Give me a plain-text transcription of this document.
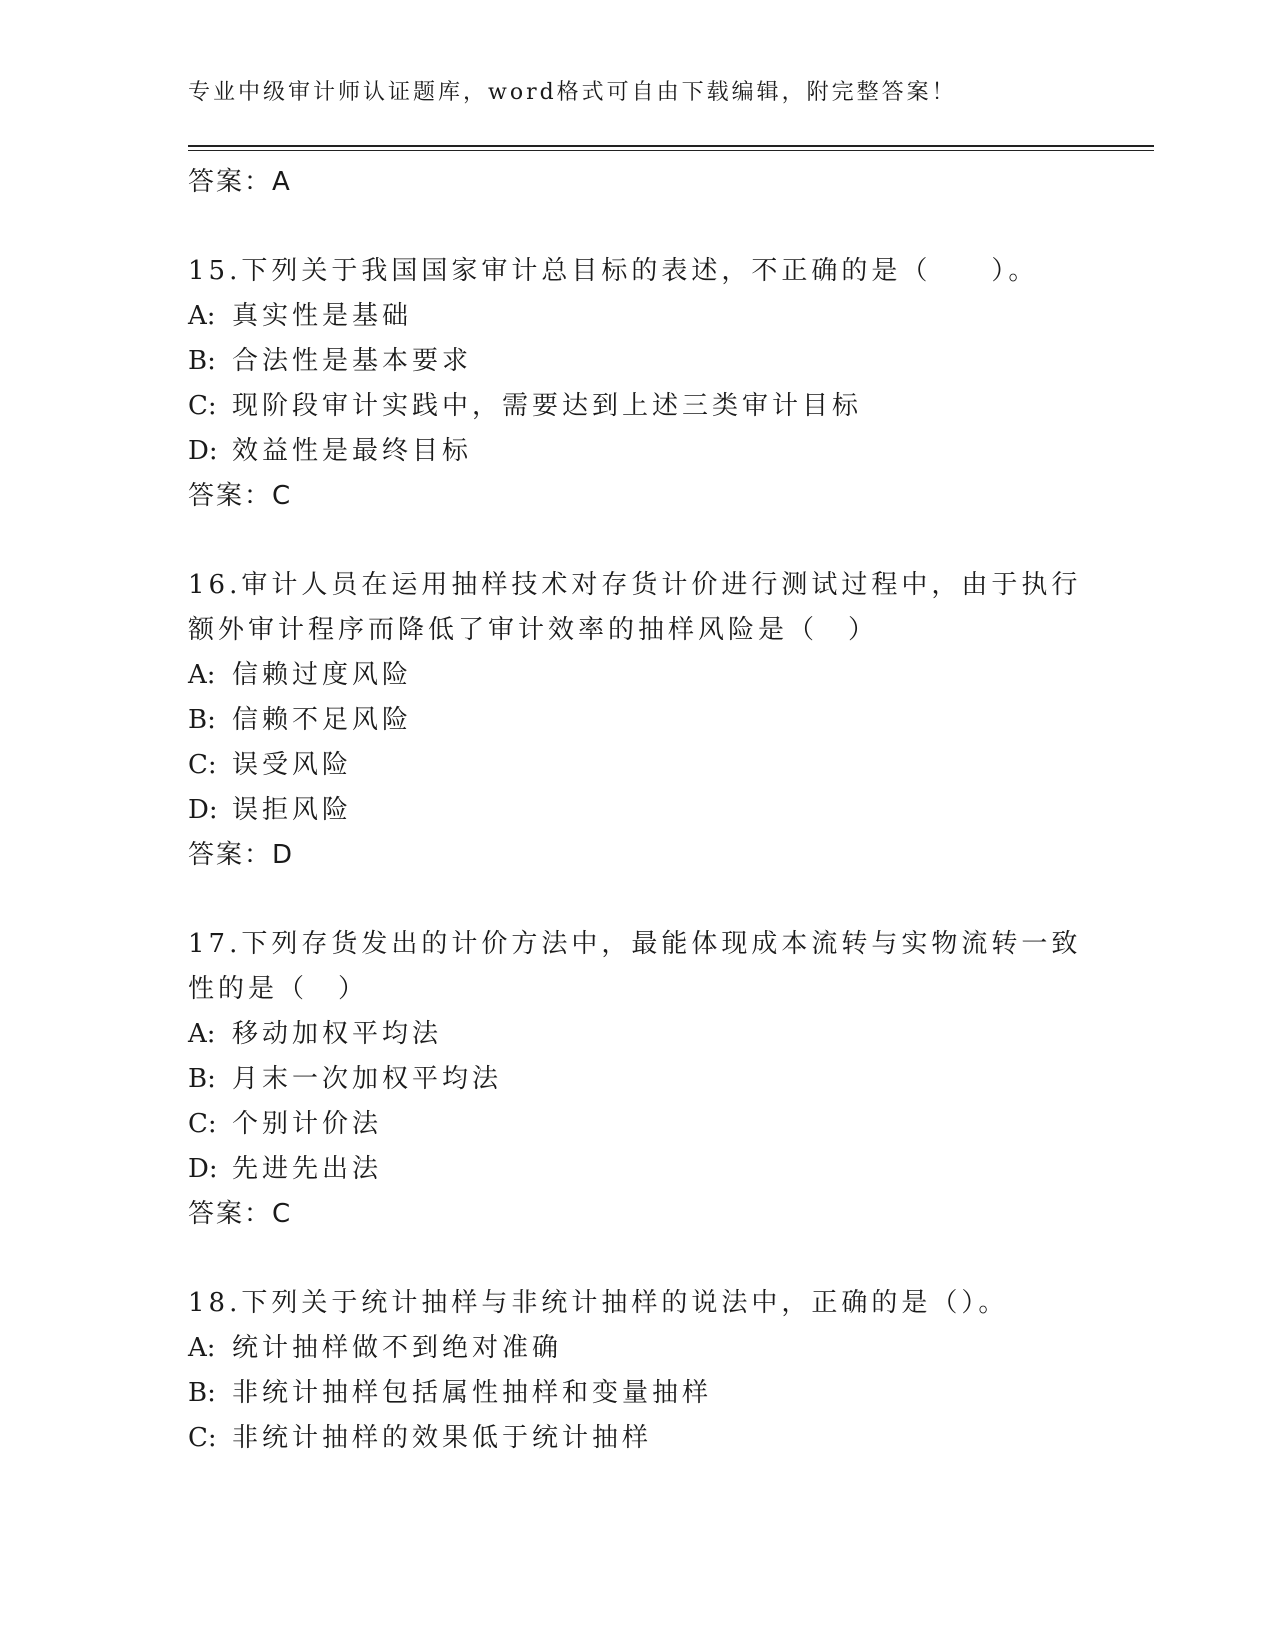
专业中级审计师认证题库，word格式可自由下载编辑，附完整答案！
答案：A
15.下列关于我国国家审计总目标的表述，不正确的是（　　）。
A: 真实性是基础
B: 合法性是基本要求
C: 现阶段审计实践中，需要达到上述三类审计目标
D: 效益性是最终目标
答案：C
16.审计人员在运用抽样技术对存货计价进行测试过程中，由于执行额外审计程序而降低了审计效率的抽样风险是（　）
A: 信赖过度风险
B: 信赖不足风险
C: 误受风险
D: 误拒风险
答案：D
17.下列存货发出的计价方法中，最能体现成本流转与实物流转一致性的是（　）
A: 移动加权平均法
B: 月末一次加权平均法
C: 个别计价法
D: 先进先出法
答案：C
18.下列关于统计抽样与非统计抽样的说法中，正确的是（）。
A: 统计抽样做不到绝对准确
B: 非统计抽样包括属性抽样和变量抽样
C: 非统计抽样的效果低于统计抽样
